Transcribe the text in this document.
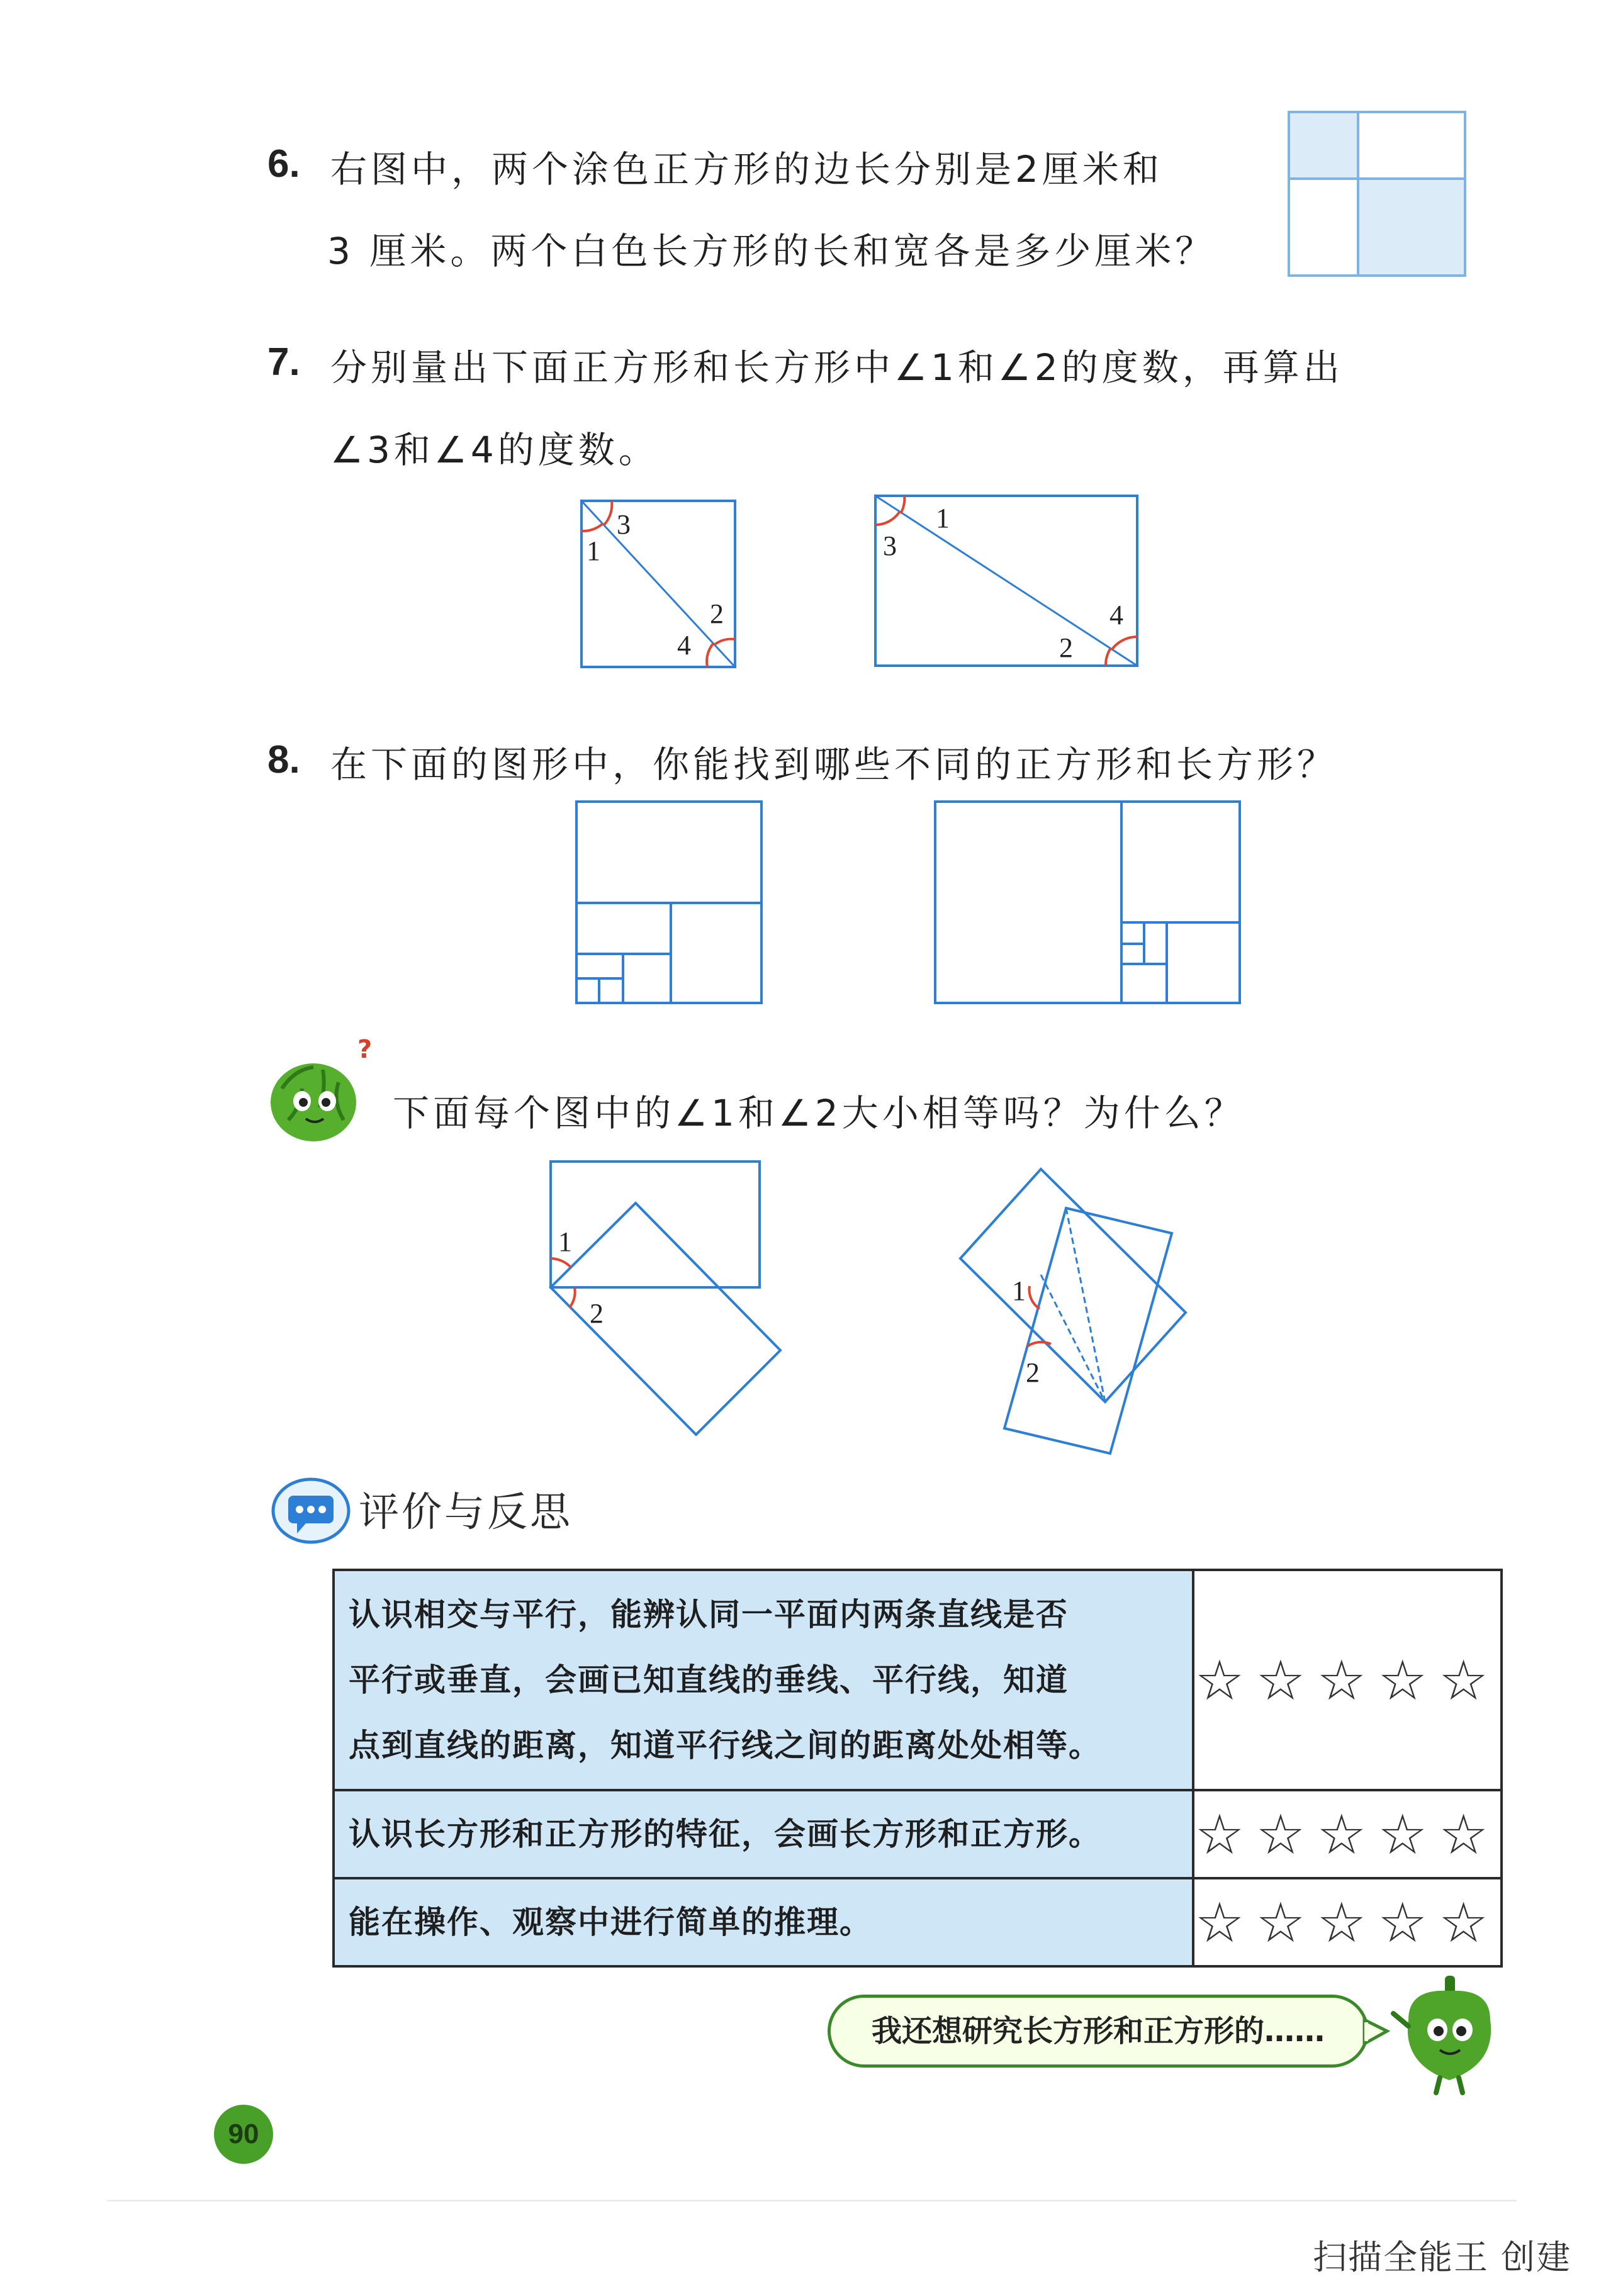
6. 右图中，两个涂色正方形的边长分别是2厘米和
3 厘米。两个白色长方形的长和宽各是多少厘米？
7. 分别量出下面正方形和长方形中∠1和∠2的度数，再算出
∠3和∠4的度数。
3
1
2
4
1
3
4
2
8. 在下面的图形中，你能找到哪些不同的正方形和长方形？
?
下面每个图中的∠1和∠2大小相等吗？为什么？
1
2
1
2
评价与反思
认识相交与平行，能辨认同一平面内两条直线是否
平行或垂直，会画已知直线的垂线、平行线，知道
点到直线的距离，知道平行线之间的距离处处相等。	☆☆☆☆☆

认识长方形和正方形的特征，会画长方形和正方形。	☆☆☆☆☆

能在操作、观察中进行简单的推理。	☆☆☆☆☆
我还想研究长方形和正方形的……
90
扫描全能王 创建
